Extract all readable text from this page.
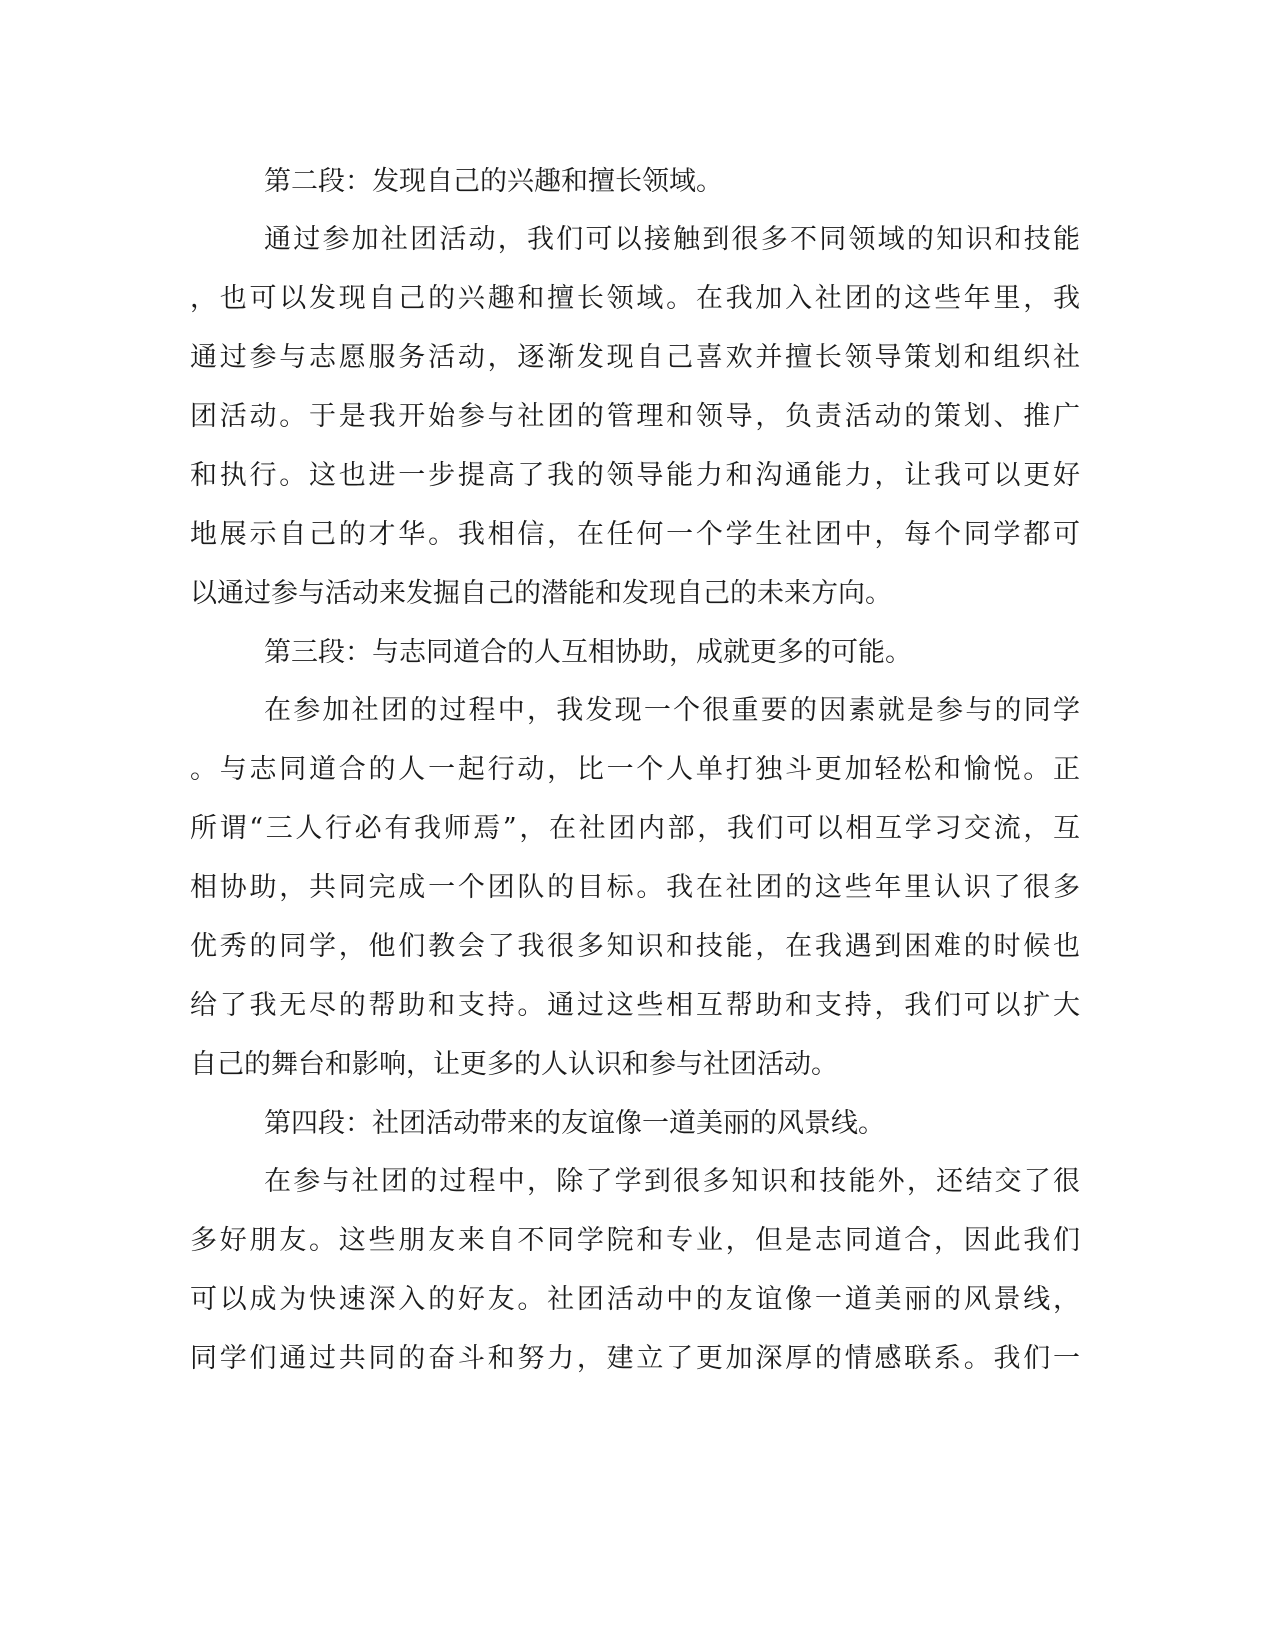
第二段：发现自己的兴趣和擅长领域。
通过参加社团活动，我们可以接触到很多不同领域的知识和技能
，也可以发现自己的兴趣和擅长领域。在我加入社团的这些年里，我
通过参与志愿服务活动，逐渐发现自己喜欢并擅长领导策划和组织社
团活动。于是我开始参与社团的管理和领导，负责活动的策划、推广
和执行。这也进一步提高了我的领导能力和沟通能力，让我可以更好
地展示自己的才华。我相信，在任何一个学生社团中，每个同学都可
以通过参与活动来发掘自己的潜能和发现自己的未来方向。
第三段：与志同道合的人互相协助，成就更多的可能。
在参加社团的过程中，我发现一个很重要的因素就是参与的同学
。与志同道合的人一起行动，比一个人单打独斗更加轻松和愉悦。正
所谓“三人行必有我师焉”，在社团内部，我们可以相互学习交流，互
相协助，共同完成一个团队的目标。我在社团的这些年里认识了很多
优秀的同学，他们教会了我很多知识和技能，在我遇到困难的时候也
给了我无尽的帮助和支持。通过这些相互帮助和支持，我们可以扩大
自己的舞台和影响，让更多的人认识和参与社团活动。
第四段：社团活动带来的友谊像一道美丽的风景线。
在参与社团的过程中，除了学到很多知识和技能外，还结交了很
多好朋友。这些朋友来自不同学院和专业，但是志同道合，因此我们
可以成为快速深入的好友。社团活动中的友谊像一道美丽的风景线，
同学们通过共同的奋斗和努力，建立了更加深厚的情感联系。我们一
